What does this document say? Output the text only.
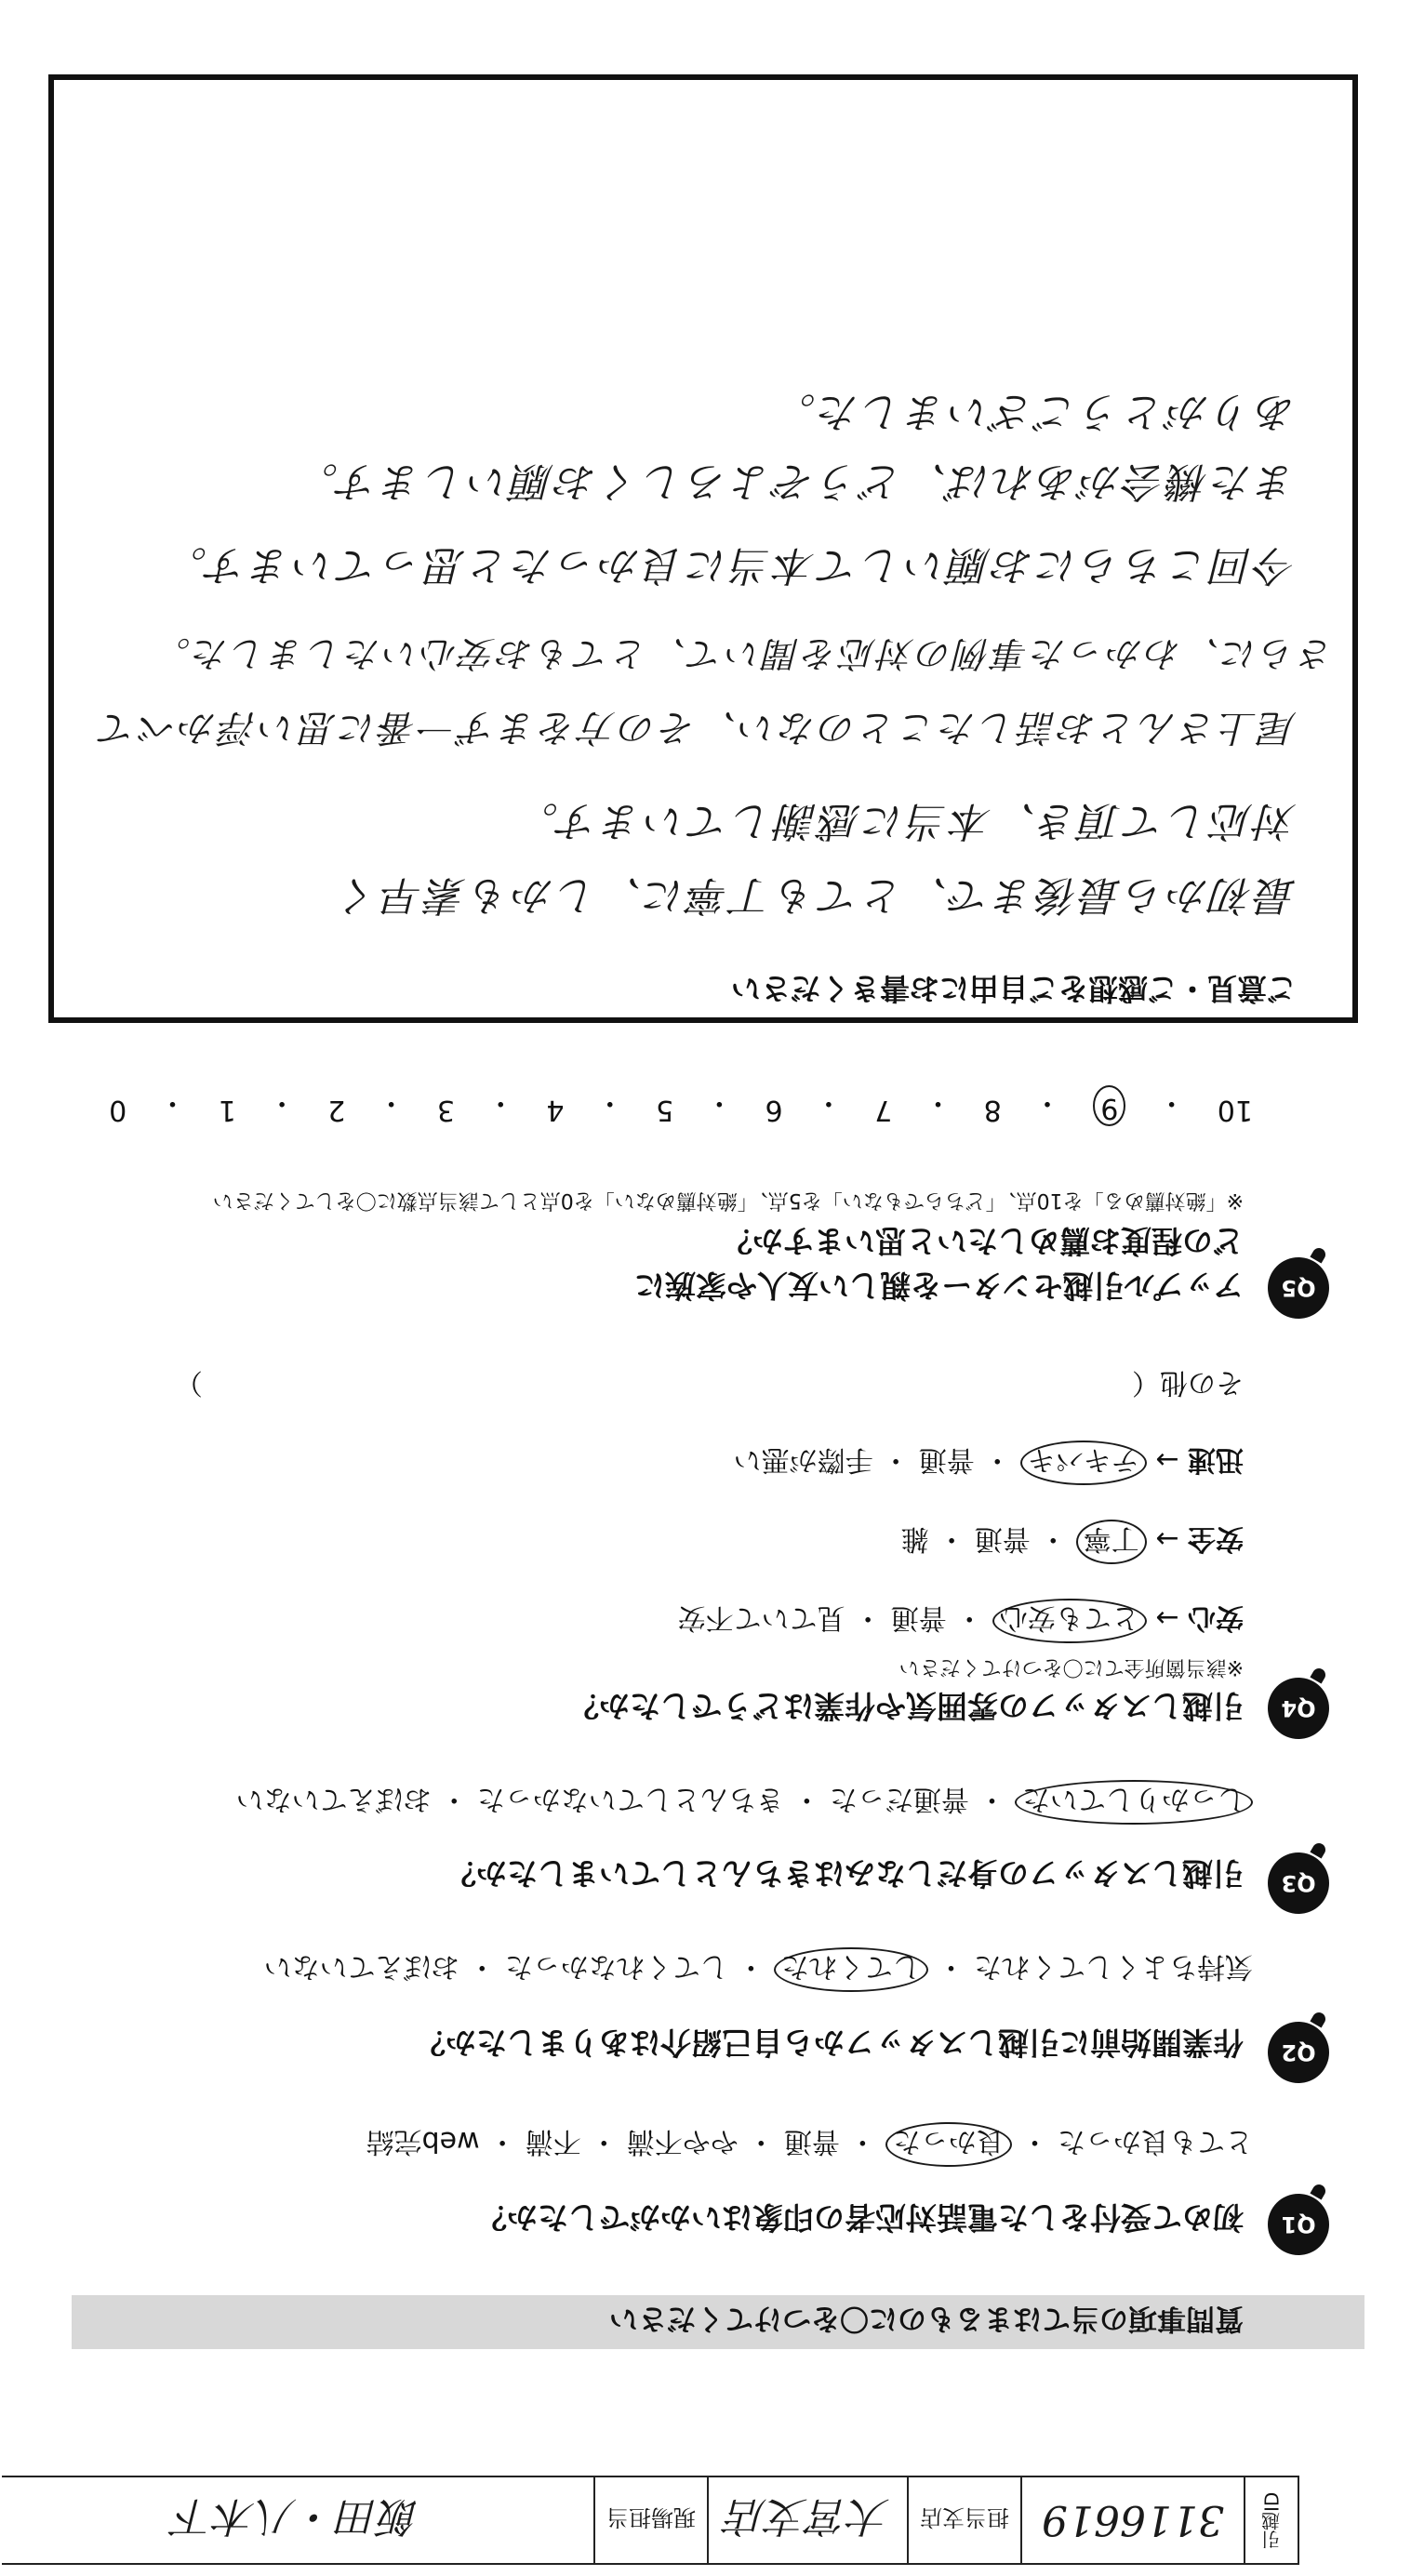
引越ID
3116619
担当支店
大宮支店
現場担当
飯田・八木下
質問事項の当てはまるものに〇をつけてください
Q1
初めて受付をした電話対応者の印象はいかがでしたか？
とても良かった ・ 良かった ・ 普通 ・ やや不満 ・ 不満 ・ web完結
Q2
作業開始前に引越しスタッフから自己紹介はありましたか？
気持ちよくしてくれた ・ してくれた ・ してくれなかった ・ おぼえていない
Q3
引越しスタッフの身だしなみはきちんとしていましたか？
しっかりしていた ・ 普通だった ・ きちんとしていなかった ・ おぼえていない
Q4
引越しスタッフの雰囲気や作業はどうでしたか？
※該当箇所全てに〇をつけてください
安心 → とても安心 ・ 普通 ・ 見ていて不安
安全 → 丁寧 ・ 普通 ・ 雑
迅速 → テキパキ ・ 普通 ・ 手際が悪い
その他（  ）
Q5
アップル引越センターを親しい友人や家族に
どの程度お薦めしたいと思いますか？
※「絶対薦める」を10点、「どちらでもない」を5点、「絶対薦めない」を0点として該当点数に〇をしてください
10
・
9
・
8
・
7
・
6
・
5
・
4
・
3
・
2
・
1
・
0
ご意見・ご感想をご自由にお書きください
最初から最後まで、とても丁寧に、しかも素早く
対応して頂き、本当に感謝しています。
尾上さんとお話したことのない、その方をまず一番に思い浮かべて
さらに、わかった事例の対応を聞いて、とてもお安心いたしました。
今回こちらにお願いして本当に良かったと思っています。
また機会があれば、どうぞよろしくお願いします。
ありがとうございました。
